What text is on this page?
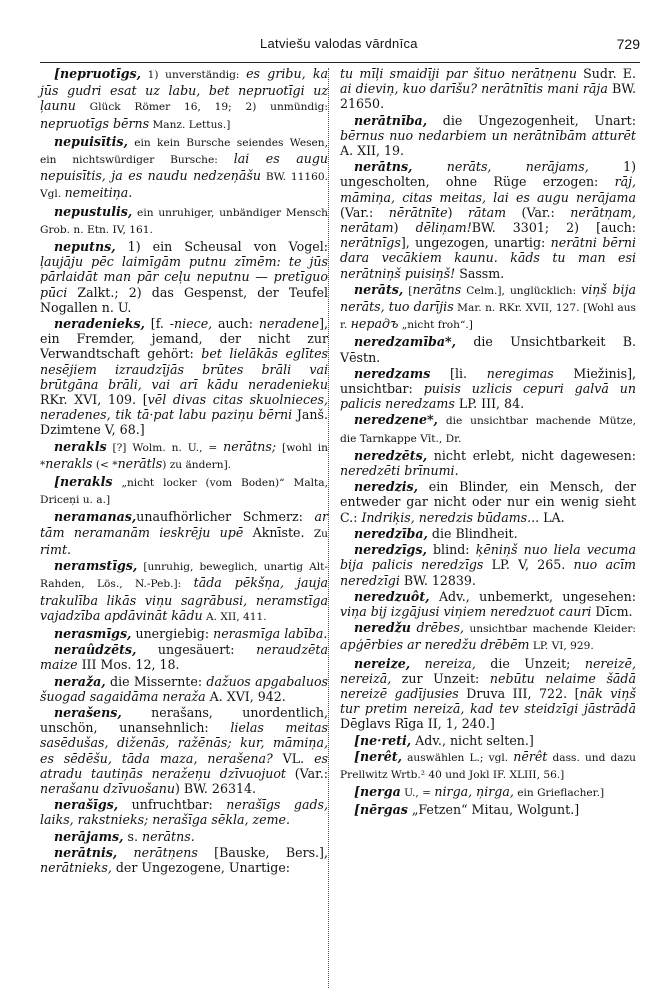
Latviešu valodas vārdnīca	729
[nepruotīgs, 1) unverständig: es gribu, ka jūs gudri esat uz labu, bet nepruotīgi uz ļaunu Glück Römer 16, 19; 2) unmündig: nepruotīgs bērns Manz. Lettus.]
nepuisītis, ein kein Bursche seiendes Wesen, ein nichtswürdiger Bursche: lai es augu nepuisītis, ja es naudu nedzeņāšu BW. 11160. Vgl. nemeitiņa.
nepustulis, ein unruhiger, unbändiger Mensch Grob. n. Etn. IV, 161.
neputns, 1) ein Scheusal von Vogel: ļaujāju pēc laimīgām putnu zīmēm: te jūs pārlaidāt man pār ceļu neputnu — pretīguo pūci Zalkt.; 2) das Gespenst, der Teufel Nogallen n. U.
neradenieks, [f. -niece, auch: neradene], ein Fremder, jemand, der nicht zur Verwandtschaft gehört: bet lielākās eglītes nesējiem izraudzījās brūtes brāli vai brūtgāna brāli, vai arī kādu neradenieku RKr. XVI, 109. [vēl divas citas skuolnieces, neradenes, tik tā·pat labu paziņu bērni Janš. Dzimtene V, 68.]
nerakls [?] Wolm. n. U., = nerātns; [wohl in *nerakls (< *nerātls) zu ändern].
[nerakls „nicht locker (vom Boden)“ Malta, Driceņi u. a.]
neramanas,unaufhörlicher Schmerz: ar tām neramanām ieskrēju upē Aknīste. Zu rimt.
neramstīgs, [unruhig, beweglich, unartig Alt-Rahden, Lös., N.-Peb.]: tāda pēkšņa, jauja trakulība likās viņu sagrābusi, neramstīga vajadzība apdāvināt kādu A. XII, 411.
nerasmīgs, unergiebig: nerasmīga labība.
neraûdzēts, ungesäuert: neraudzēta maize III Mos. 12, 18.
neraža, die Missernte: dažuos apgabaluos šuogad sagaidāma neraža A. XVI, 942.
nerašens, nerašans, unordentlich, unschön, unansehnlich: lielas meitas sasēdušas, diženās, ražēnās; kur, māmiņa, es sēdēšu, tāda maza, nerašena? VL. es atradu tautiņās neražeņu dzīvuojuot (Var.: nerašanu dzīvuošanu) BW. 26314.
nerašīgs, unfruchtbar: nerašīgs gads, laiks, rakstnieks; nerašīga sēkla, zeme.
nerājams, s. nerātns.
nerātnis, nerātņens [Bauske, Bers.], nerātnieks, der Ungezogene, Unartige:
tu mīļi smaidīji par šituo nerātņenu Sudr. E. ai dieviņ, kuo darīšu? nerātnītis mani rāja BW. 21650.
nerātnība, die Ungezogenheit, Unart: bērnus nuo nedarbiem un nerātnībām atturēt A. XII, 19.
nerātns,	nerāts, nerājams, 1) ungescholten, ohne Rüge erzogen: rāj, māmiņa, citas meitas, lai es augu nerājama (Var.: nērātnīte) rātam (Var.: nerātņam, nerātam) dēliņam!BW. 3301; 2) [auch: nerātnīgs], ungezogen, unartig: nerātni bērni dara vecākiem kaunu. kāds tu man esi nerātniņš puisiņš! Sassm.
nerāts, [nerātns Celm.], unglücklich: viņš bija nerāts, tuo darījis Mar. n. RKr. XVII, 127. [Wohl aus r. нерадъ „nicht froh“.]
neredzamība*, die Unsichtbarkeit B. Vēstn.
neredzams [li. neregimas Miežinis], unsichtbar: puisis uzlicis cepuri galvā un palicis neredzams LP. III, 84.
neredzene*, die unsichtbar machende Mütze, die Tarnkappe Vīt., Dr.
neredzēts, nicht erlebt, nicht dagewesen: neredzēti brīnumi.
neredzis, ein Blinder, ein Mensch, der entweder gar nicht oder nur ein wenig sieht C.: Indriķis, neredzis būdams... LA.
neredzība, die Blindheit.
neredzīgs, blind: ķēniņš nuo liela vecuma bija palicis neredzīgs LP. V, 265. nuo acīm neredzīgi BW. 12839.
neredzuôt, Adv., unbemerkt, ungesehen: viņa bij izgājusi viņiem neredzuot cauri Dīcm.
neredžu drēbes, unsichtbar machende Kleider: apģērbies ar neredžu drēbēm LP. VI, 929.
nereize, nereiza, die Unzeit; nereizē, nereizā, zur Unzeit: nebūtu nelaime šādā nereizē gadījusies Druva III, 722. [nāk viņš tur pretim nereizā, kad tev steidzīgi jāstrādā Dēglavs Rīga II, 1, 240.]
[ne·reti, Adv., nicht selten.]
[nerêt, auswählen L.; vgl. nērêt dass. und dazu Prellwitz Wrtb.² 40 und Jokl IF. XLIII, 56.]
[nerga U., = nirga, ņirga, ein Grieflacher.]
[nērgas „Fetzen“ Mitau, Wolgunt.]
